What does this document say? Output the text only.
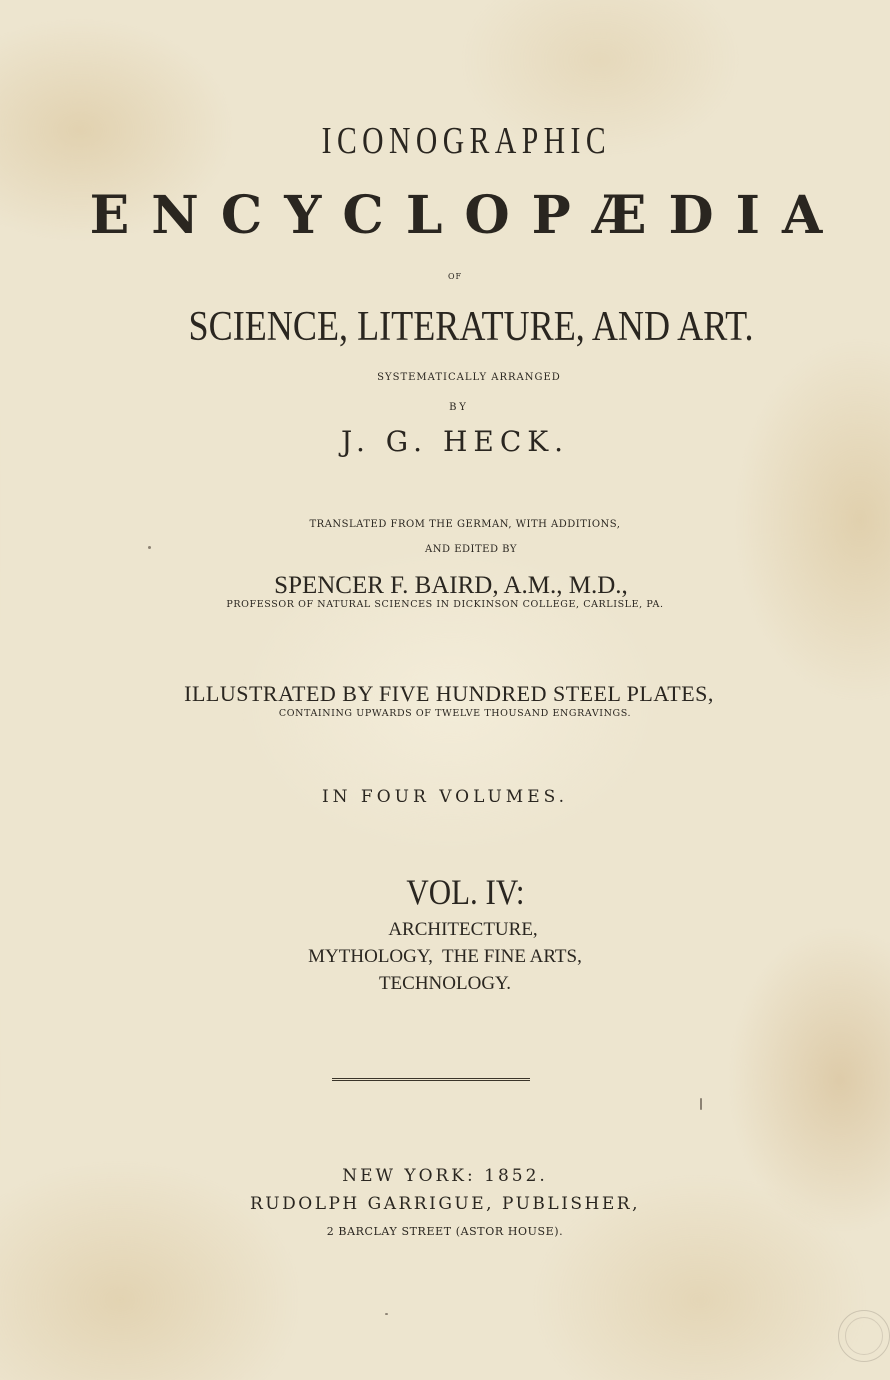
ICONOGRAPHIC
ENCYCLOPÆDIA
OF
SCIENCE, LITERATURE, AND ART.
SYSTEMATICALLY ARRANGED
BY
J. G. HECK.
TRANSLATED FROM THE GERMAN, WITH ADDITIONS,
AND EDITED BY
SPENCER F. BAIRD, A.M., M.D.,
PROFESSOR OF NATURAL SCIENCES IN DICKINSON COLLEGE, CARLISLE, PA.
ILLUSTRATED BY FIVE HUNDRED STEEL PLATES,
CONTAINING UPWARDS OF TWELVE THOUSAND ENGRAVINGS.
IN FOUR VOLUMES.
VOL. IV:
ARCHITECTURE,
MYTHOLOGY,  THE FINE ARTS,
TECHNOLOGY.
NEW YORK: 1852.
RUDOLPH GARRIGUE, PUBLISHER,
2 BARCLAY STREET (ASTOR HOUSE).
